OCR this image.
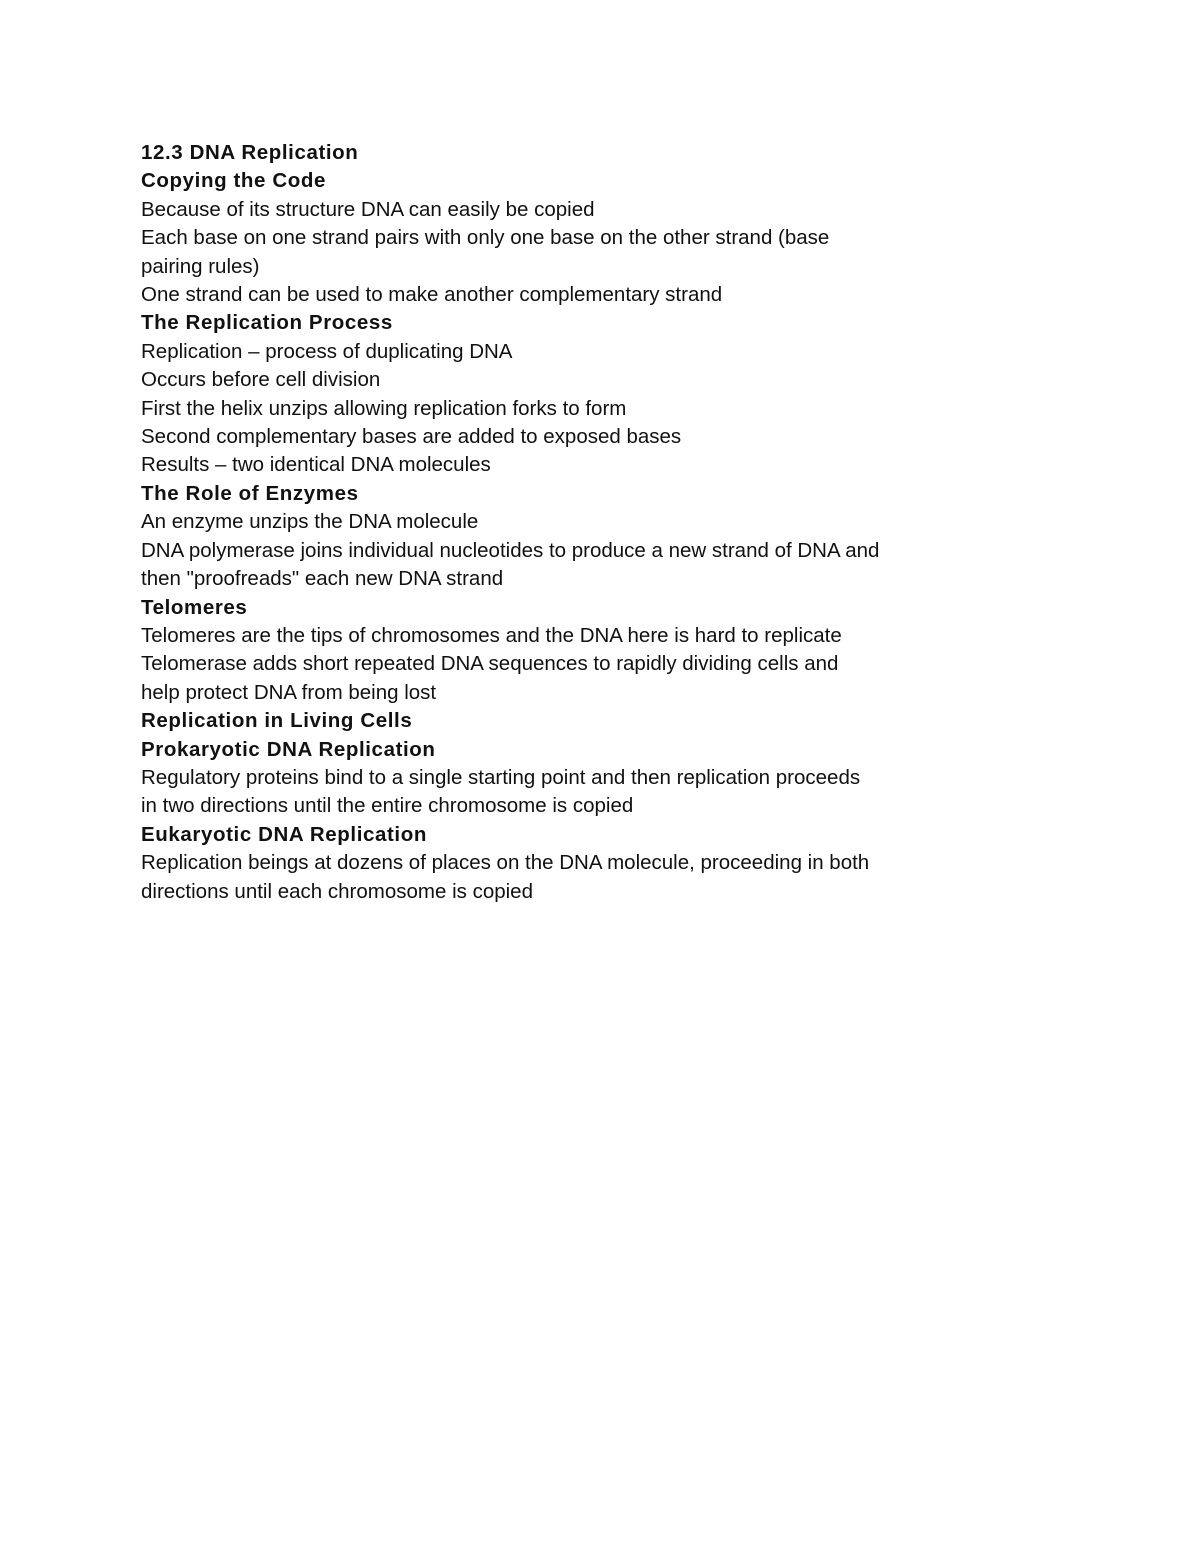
12.3 DNA Replication

Copying the Code

Because of its structure DNA can easily be copied

Each base on one strand pairs with only one base on the other strand (base pairing rules)

One strand can be used to make another complementary strand

The Replication Process

Replication – process of duplicating DNA

Occurs before cell division

First the helix unzips allowing replication forks to form

Second complementary bases are added to exposed bases

Results – two identical DNA molecules

The Role of Enzymes

An enzyme unzips the DNA molecule

DNA polymerase joins individual nucleotides to produce a new strand of DNA and then "proofreads" each new DNA strand

Telomeres

Telomeres are the tips of chromosomes and the DNA here is hard to replicate

Telomerase adds short repeated DNA sequences to rapidly dividing cells and help protect DNA from being lost

Replication in Living Cells

Prokaryotic DNA Replication

Regulatory proteins bind to a single starting point and then replication proceeds in two directions until the entire chromosome is copied

Eukaryotic DNA Replication

Replication beings at dozens of places on the DNA molecule, proceeding in both directions until each chromosome is copied
